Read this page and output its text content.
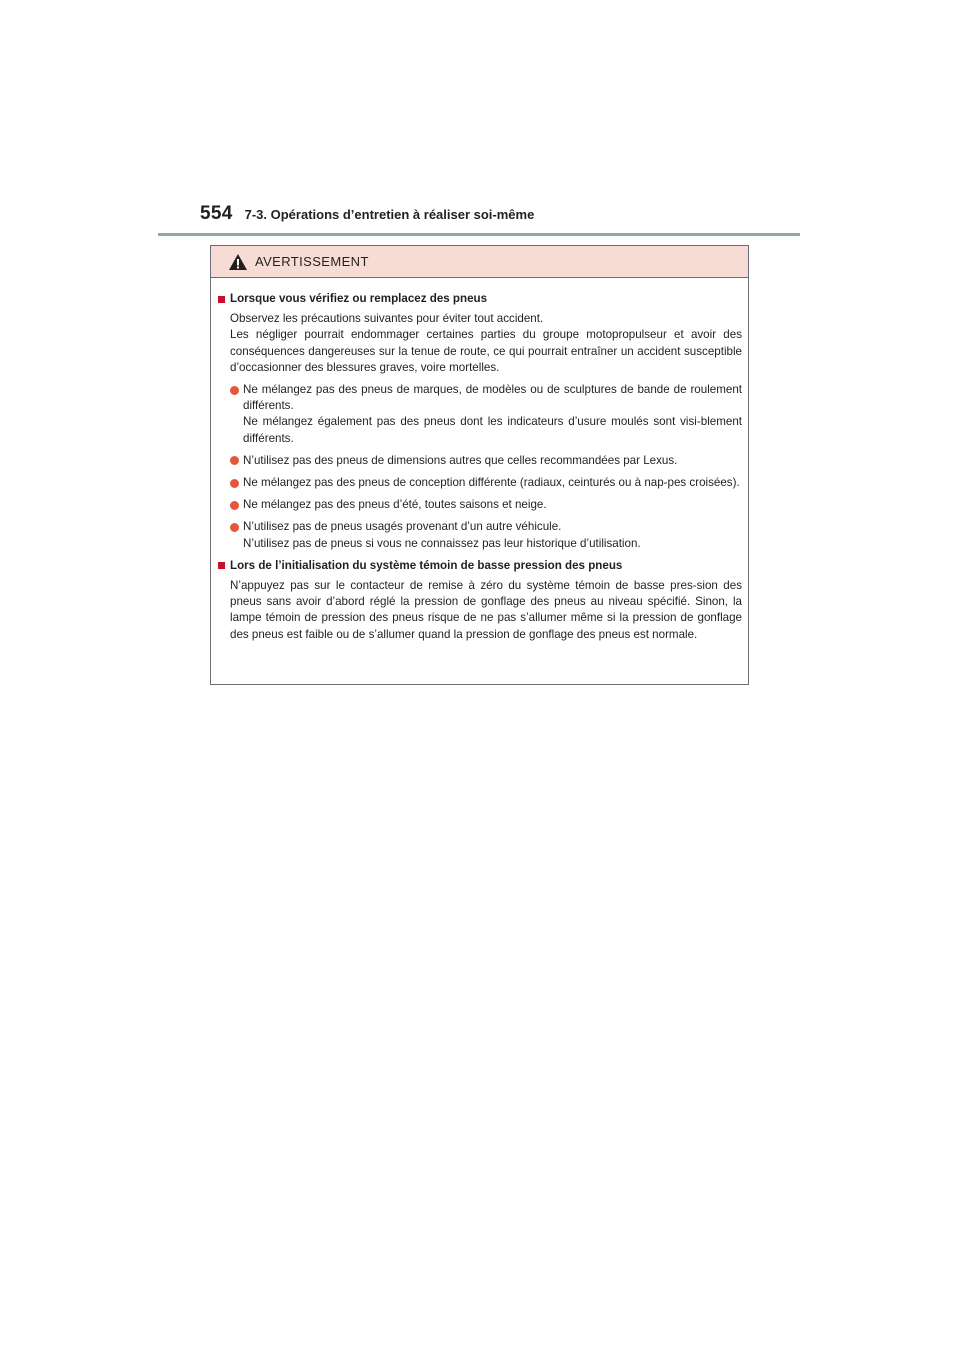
554 7-3. Opérations d’entretien à réaliser soi-même
AVERTISSEMENT
Lorsque vous vérifiez ou remplacez des pneus
Observez les précautions suivantes pour éviter tout accident.
Les négliger pourrait endommager certaines parties du groupe motopropulseur et avoir des conséquences dangereuses sur la tenue de route, ce qui pourrait entraîner un accident susceptible d’occasionner des blessures graves, voire mortelles.
Ne mélangez pas des pneus de marques, de modèles ou de sculptures de bande de roulement différents.
Ne mélangez également pas des pneus dont les indicateurs d’usure moulés sont visi-blement différents.
N’utilisez pas des pneus de dimensions autres que celles recommandées par Lexus.
Ne mélangez pas des pneus de conception différente (radiaux, ceinturés ou à nap-pes croisées).
Ne mélangez pas des pneus d’été, toutes saisons et neige.
N’utilisez pas de pneus usagés provenant d’un autre véhicule.
N’utilisez pas de pneus si vous ne connaissez pas leur historique d’utilisation.
Lors de l’initialisation du système témoin de basse pression des pneus
N’appuyez pas sur le contacteur de remise à zéro du système témoin de basse pres-sion des pneus sans avoir d’abord réglé la pression de gonflage des pneus au niveau spécifié. Sinon, la lampe témoin de pression des pneus risque de ne pas s’allumer même si la pression de gonflage des pneus est faible ou de s’allumer quand la pression de gonflage des pneus est normale.
